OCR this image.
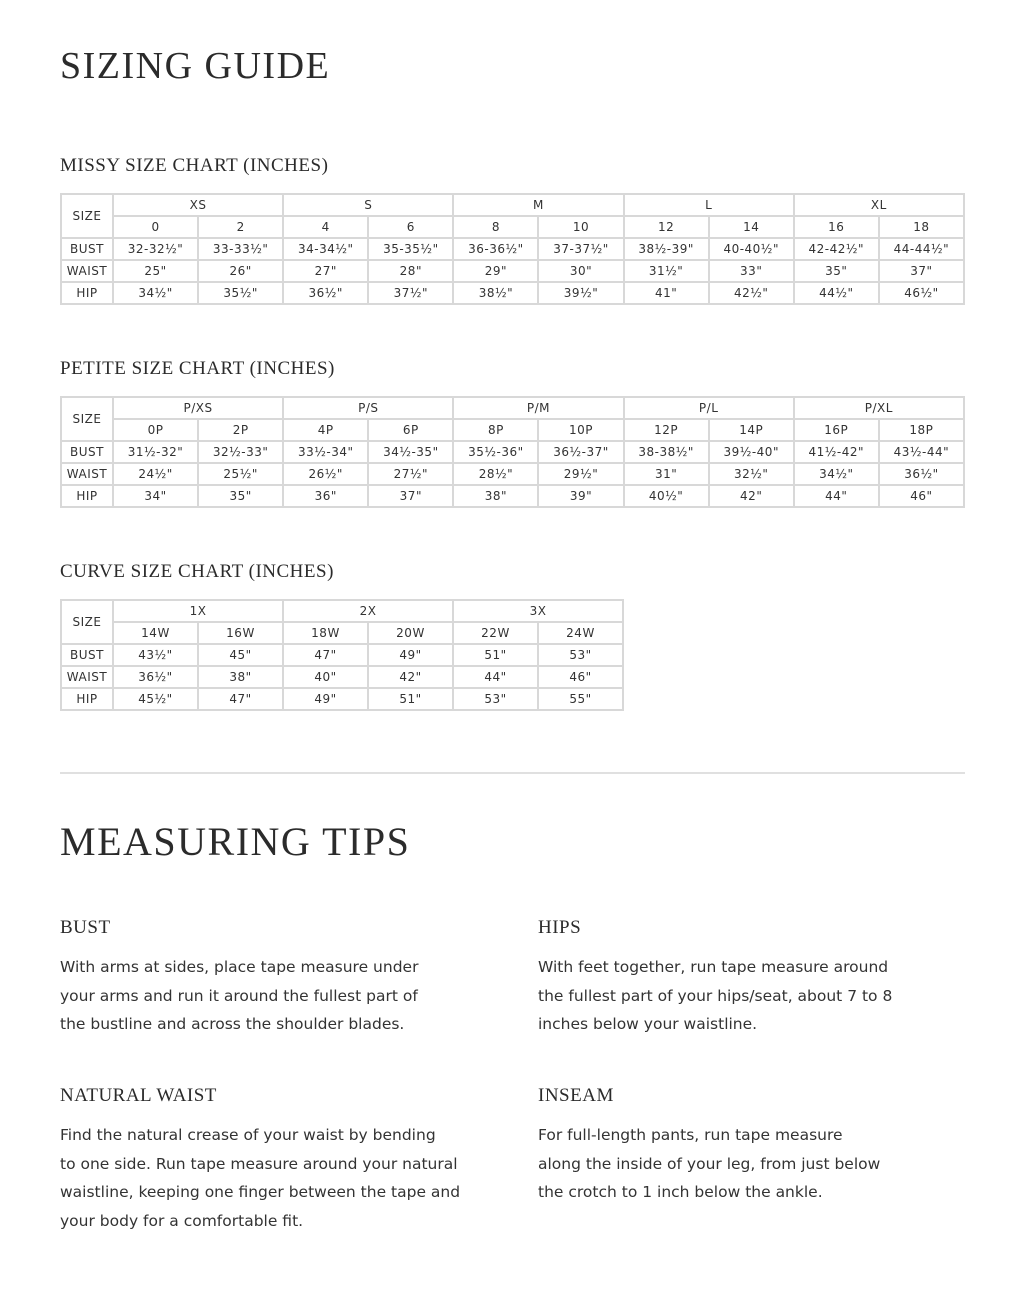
SIZING GUIDE
MISSY SIZE CHART (INCHES)
SIZE	XS		S		M		L		XL	
	0	2	4	6	8	10	12	14	16	18
BUST	32-32½"	33-33½"	34-34½"	35-35½"	36-36½"	37-37½"	38½-39"	40-40½"	42-42½"	44-44½"
WAIST	25"	26"	27"	28"	29"	30"	31½"	33"	35"	37"
HIP	34½"	35½"	36½"	37½"	38½"	39½"	41"	42½"	44½"	46½"
PETITE SIZE CHART (INCHES)
SIZE	P/XS		P/S		P/M		P/L		P/XL	
	0P	2P	4P	6P	8P	10P	12P	14P	16P	18P
BUST	31½-32"	32½-33"	33½-34"	34½-35"	35½-36"	36½-37"	38-38½"	39½-40"	41½-42"	43½-44"
WAIST	24½"	25½"	26½"	27½"	28½"	29½"	31"	32½"	34½"	36½"
HIP	34"	35"	36"	37"	38"	39"	40½"	42"	44"	46"
CURVE SIZE CHART (INCHES)
SIZE	1X		2X		3X	
	14W	16W	18W	20W	22W	24W
BUST	43½"	45"	47"	49"	51"	53"
WAIST	36½"	38"	40"	42"	44"	46"
HIP	45½"	47"	49"	51"	53"	55"
MEASURING TIPS
BUST

With arms at sides, place tape measure under
your arms and run it around the fullest part of
the bustline and across the shoulder blades.

HIPS

With feet together, run tape measure around
the fullest part of your hips/seat, about 7 to 8
inches below your waistline.

NATURAL WAIST

Find the natural crease of your waist by bending
to one side. Run tape measure around your natural
waistline, keeping one finger between the tape and
your body for a comfortable fit.

INSEAM

For full-length pants, run tape measure
along the inside of your leg, from just below
the crotch to 1 inch below the ankle.
